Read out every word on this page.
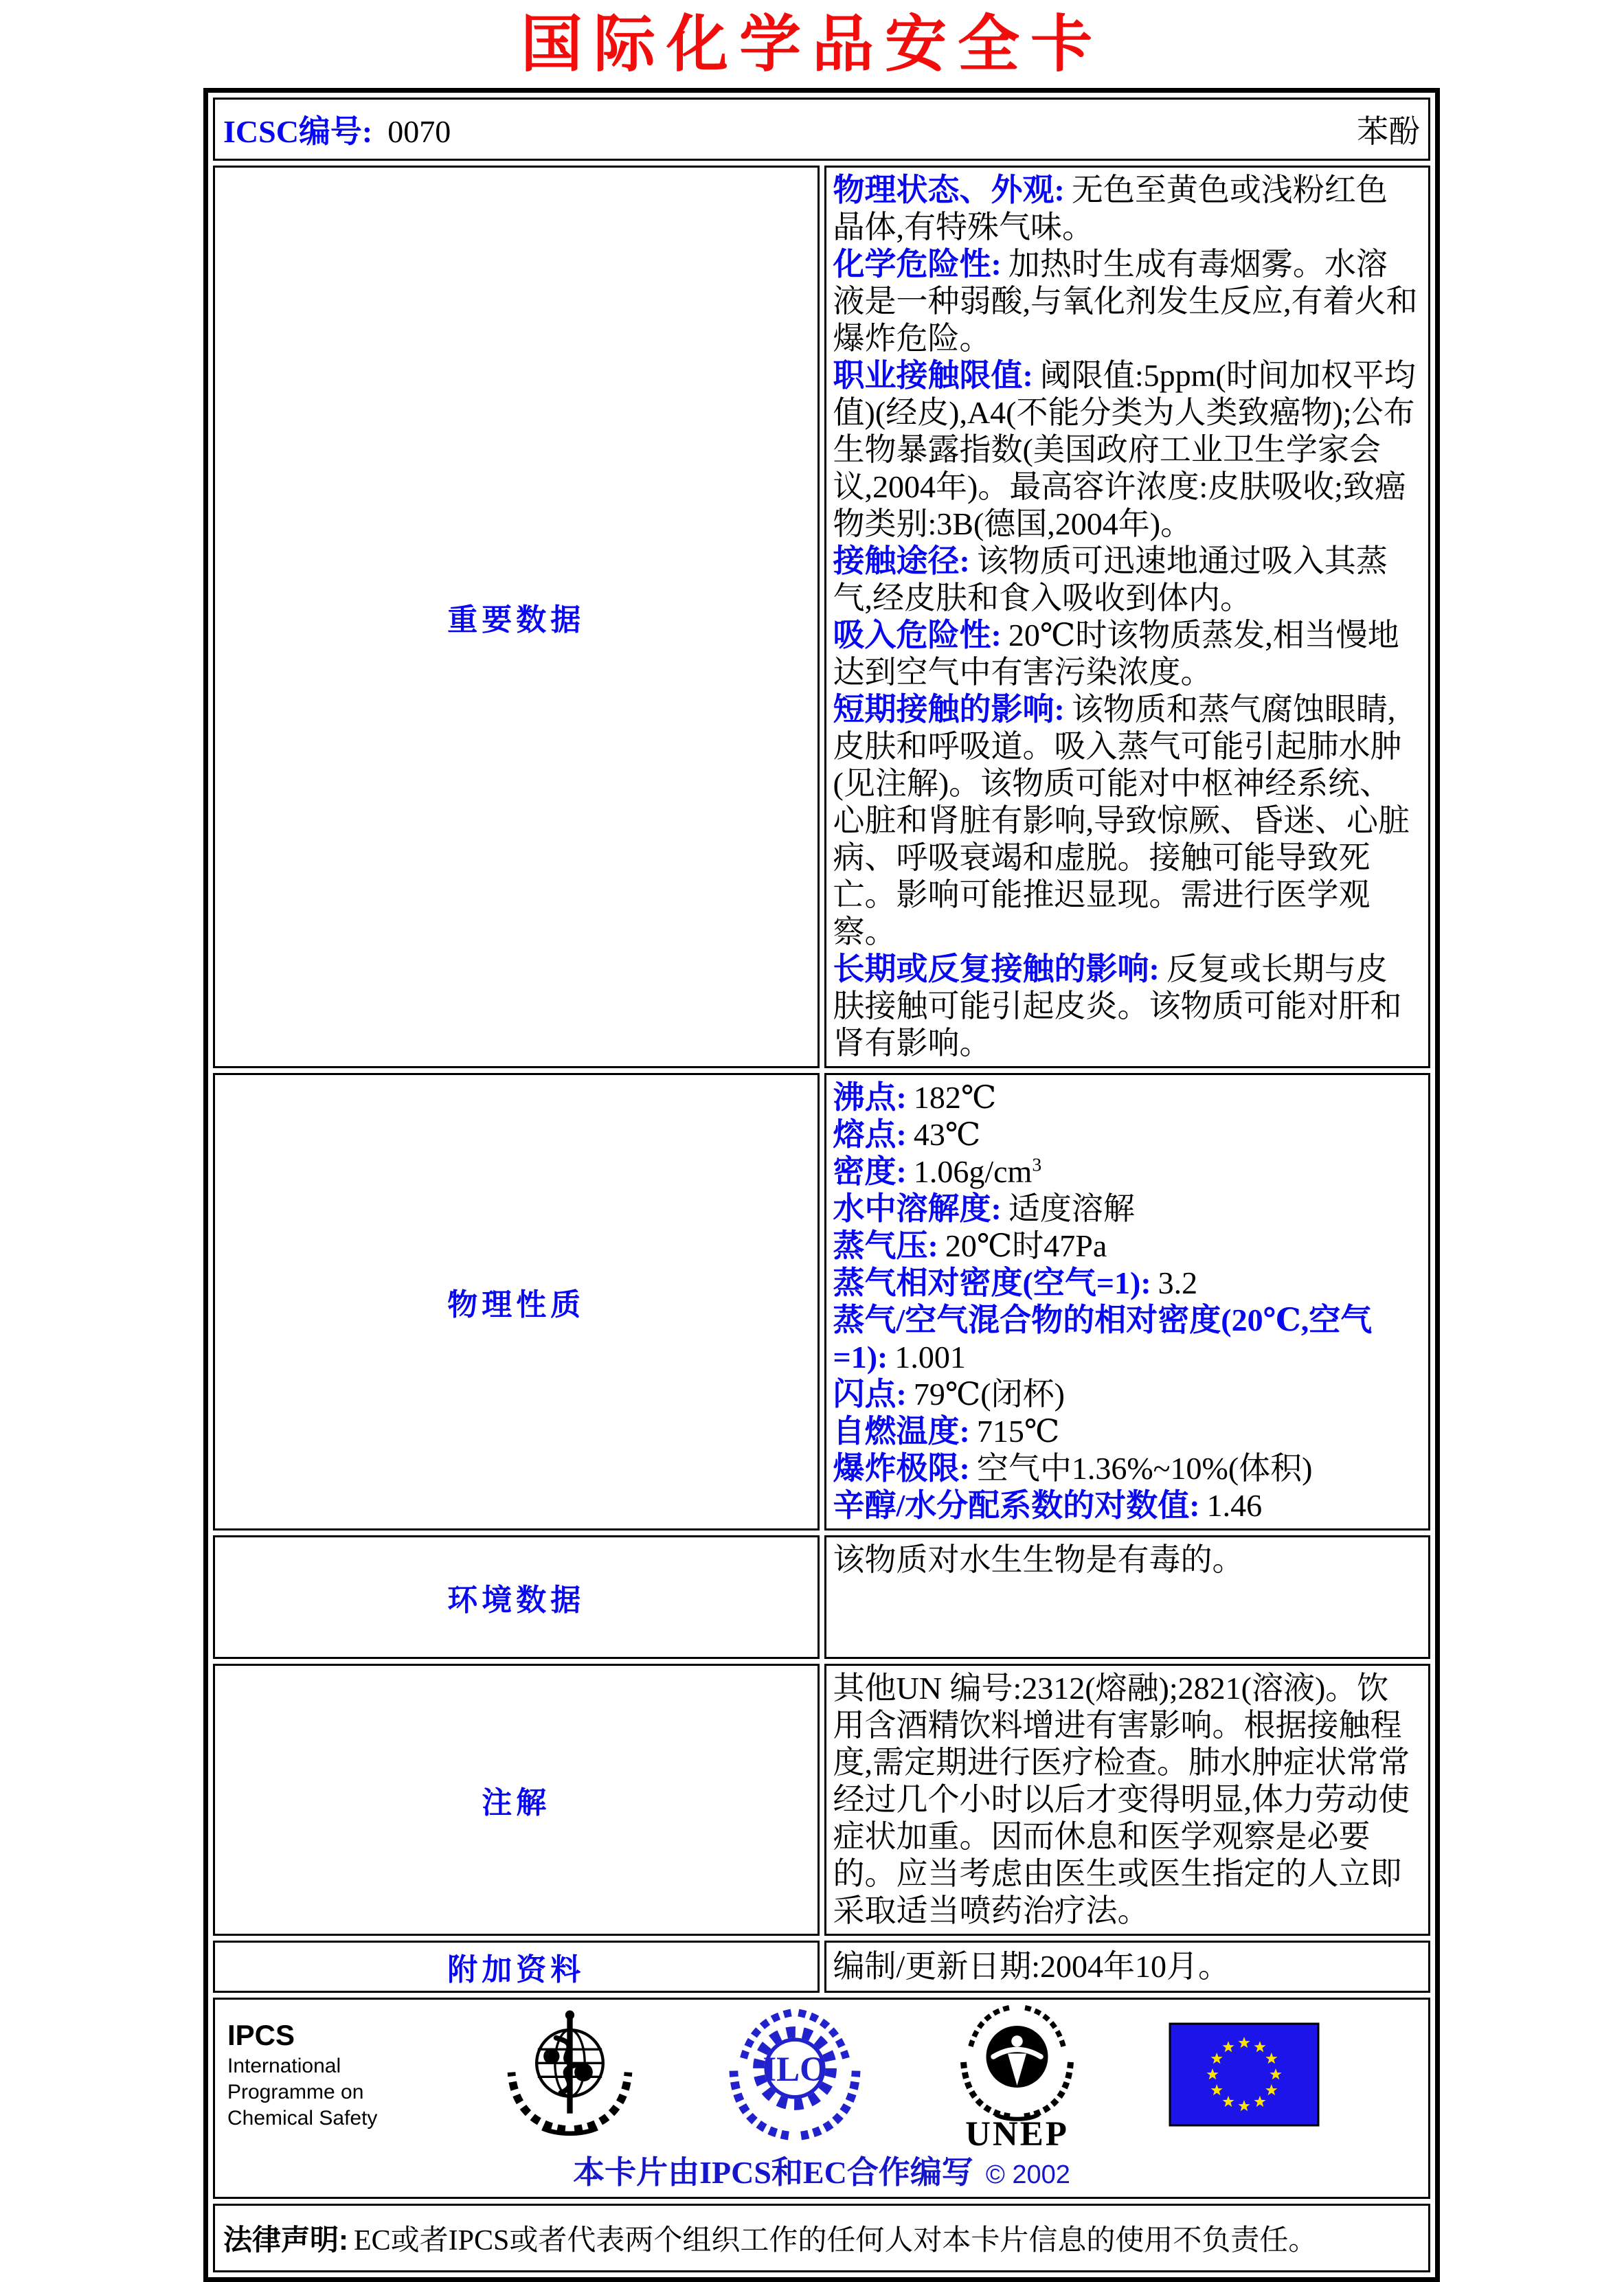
国际化学品安全卡
ICSC编号: 0070 苯酚	

重要数据	
物理状态、外观: 无色至黄色或浅粉红色晶体,有特殊气味。
化学危险性: 加热时生成有毒烟雾。水溶液是一种弱酸,与氧化剂发生反应,有着火和爆炸危险。
职业接触限值: 阈限值:5ppm(时间加权平均值)(经皮),A4(不能分类为人类致癌物);公布生物暴露指数(美国政府工业卫生学家会议,2004年)。最高容许浓度:皮肤吸收;致癌物类别:3B(德国,2004年)。
接触途径: 该物质可迅速地通过吸入其蒸气,经皮肤和食入吸收到体内。
吸入危险性: 20℃时该物质蒸发,相当慢地达到空气中有害污染浓度。
短期接触的影响: 该物质和蒸气腐蚀眼睛,皮肤和呼吸道。吸入蒸气可能引起肺水肿(见注解)。该物质可能对中枢神经系统、心脏和肾脏有影响,导致惊厥、昏迷、心脏病、呼吸衰竭和虚脱。接触可能导致死亡。影响可能推迟显现。需进行医学观察。
长期或反复接触的影响: 反复或长期与皮肤接触可能引起皮炎。该物质可能对肝和肾有影响。

物理性质	
沸点: 182℃
熔点: 43℃
密度: $1.06g/cm^3$
水中溶解度: 适度溶解
蒸气压: 20℃时47Pa
蒸气相对密度(空气=1): 3.2
蒸气/空气混合物的相对密度(20℃,空气=1): 1.001
闪点: 79℃(闭杯)
自燃温度: 715℃
爆炸极限: 空气中1.36%~10%(体积)
辛醇/水分配系数的对数值: 1.46

环境数据	该物质对水生生物是有毒的。
注解	其他UN 编号:2312(熔融);2821(溶液)。饮用含酒精饮料增进有害影响。根据接触程度,需定期进行医疗检查。肺水肿症状常常经过几个小时以后才变得明显,体力劳动使症状加重。因而休息和医学观察是必要的。应当考虑由医生或医生指定的人立即采取适当喷药治疗法。
附加资料	编制/更新日期:2004年10月。

IPCS
International
Programme on
Chemical Safety
ILO
UNEP
本卡片由IPCS和EC合作编写 © 2002

法律声明: EC或者IPCS或者代表两个组织工作的任何人对本卡片信息的使用不负责任。	
